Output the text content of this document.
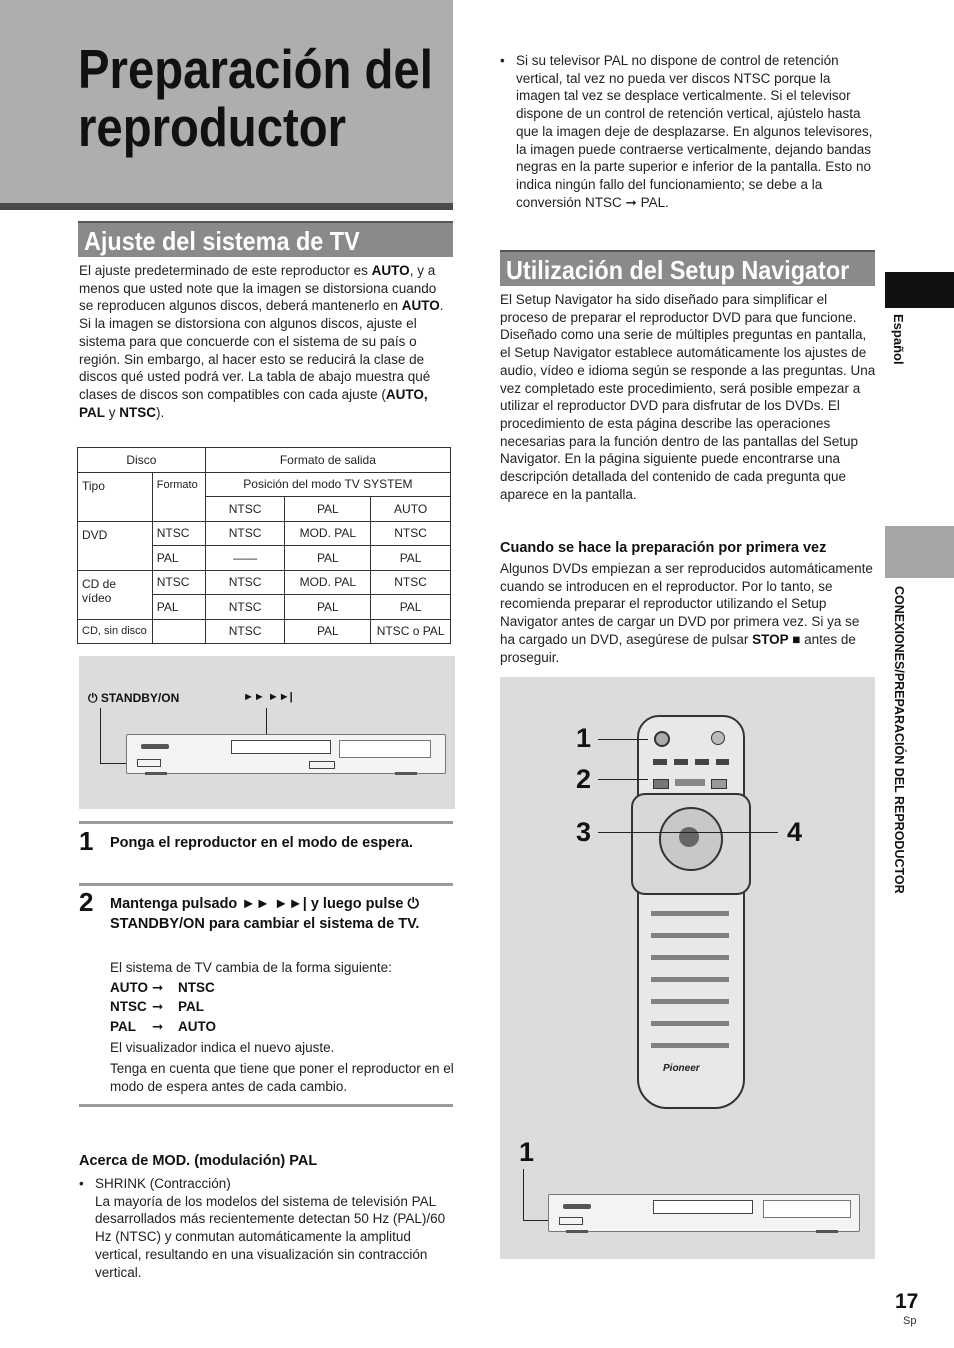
Preparación del reproductor
Ajuste del sistema de TV

El ajuste predeterminado de este reproductor es AUTO, y a menos que usted note que la imagen se distorsiona cuando se reproducen algunos discos, deberá mantenerlo en AUTO.

Si la imagen se distorsiona con algunos discos, ajuste el sistema para que concuerde con el sistema de su país o región. Sin embargo, al hacer esto se reducirá la clase de discos qué usted podrá ver. La tabla de abajo muestra qué clases de discos son compatibles con cada ajuste (AUTO, PAL y NTSC).

Disco		Formato de salida		
Tipo	Formato	Posición del modo TV SYSTEM		
		NTSC	PAL	AUTO
DVD	NTSC	NTSC	MOD. PAL	NTSC
	PAL	——	PAL	PAL
CD de vídeo	NTSC	NTSC	MOD. PAL	NTSC
	PAL	NTSC	PAL	PAL
CD, sin disco		NTSC	PAL	NTSC o PAL
⏻ STANDBY/ON	►► ►►|
1 Ponga el reproductor en el modo de espera.

2 Mantenga pulsado ►► ►►| y luego pulse ⏻ STANDBY/ON para cambiar el sistema de TV.

El sistema de TV cambia de la forma siguiente:
AUTO ➞ NTSC
NTSC ➞ PAL
PAL ➞ AUTO
El visualizador indica el nuevo ajuste.
Tenga en cuenta que tiene que poner el reproductor en el modo de espera antes de cada cambio.

Acerca de MOD. (modulación) PAL

• SHRINK (Contracción)
La mayoría de los modelos del sistema de televisión PAL desarrollados más recientemente detectan 50 Hz (PAL)/60 Hz (NTSC) y conmutan automáticamente la amplitud vertical, resultando en una visualización sin contracción vertical.
• Si su televisor PAL no dispone de control de retención vertical, tal vez no pueda ver discos NTSC porque la imagen tal vez se desplace verticalmente. Si el televisor dispone de un control de retención vertical, ajústelo hasta que la imagen deje de desplazarse. En algunos televisores, la imagen puede contraerse verticalmente, dejando bandas negras en la parte superior e inferior de la pantalla. Esto no indica ningún fallo del funcionamiento; se debe a la conversión NTSC ➞ PAL.
Utilización del Setup Navigator

El Setup Navigator ha sido diseñado para simplificar el proceso de preparar el reproductor DVD para que funcione. Diseñado como una serie de múltiples preguntas en pantalla, el Setup Navigator establece automáticamente los ajustes de audio, vídeo e idioma según se responde a las preguntas. Una vez completado este procedimiento, será posible empezar a utilizar el reproductor DVD para disfrutar de los DVDs. El procedimiento de esta página describe las operaciones necesarias para la función dentro de las pantallas del Setup Navigator. En la página siguiente puede encontrarse una descripción detallada del contenido de cada pregunta que aparece en la pantalla.

Cuando se hace la preparación por primera vez

Algunos DVDs empiezan a ser reproducidos automáticamente cuando se introducen en el reproductor. Por lo tanto, se recomienda preparar el reproductor utilizando el Setup Navigator antes de cargar un DVD por primera vez. Si ya se ha cargado un DVD, asegúrese de pulsar STOP ■ antes de proseguir.

Pioneer
1
2
3	4
1
Español
CONEXIONES/PREPARACIÓN DEL REPRODUCTOR
17
Sp
